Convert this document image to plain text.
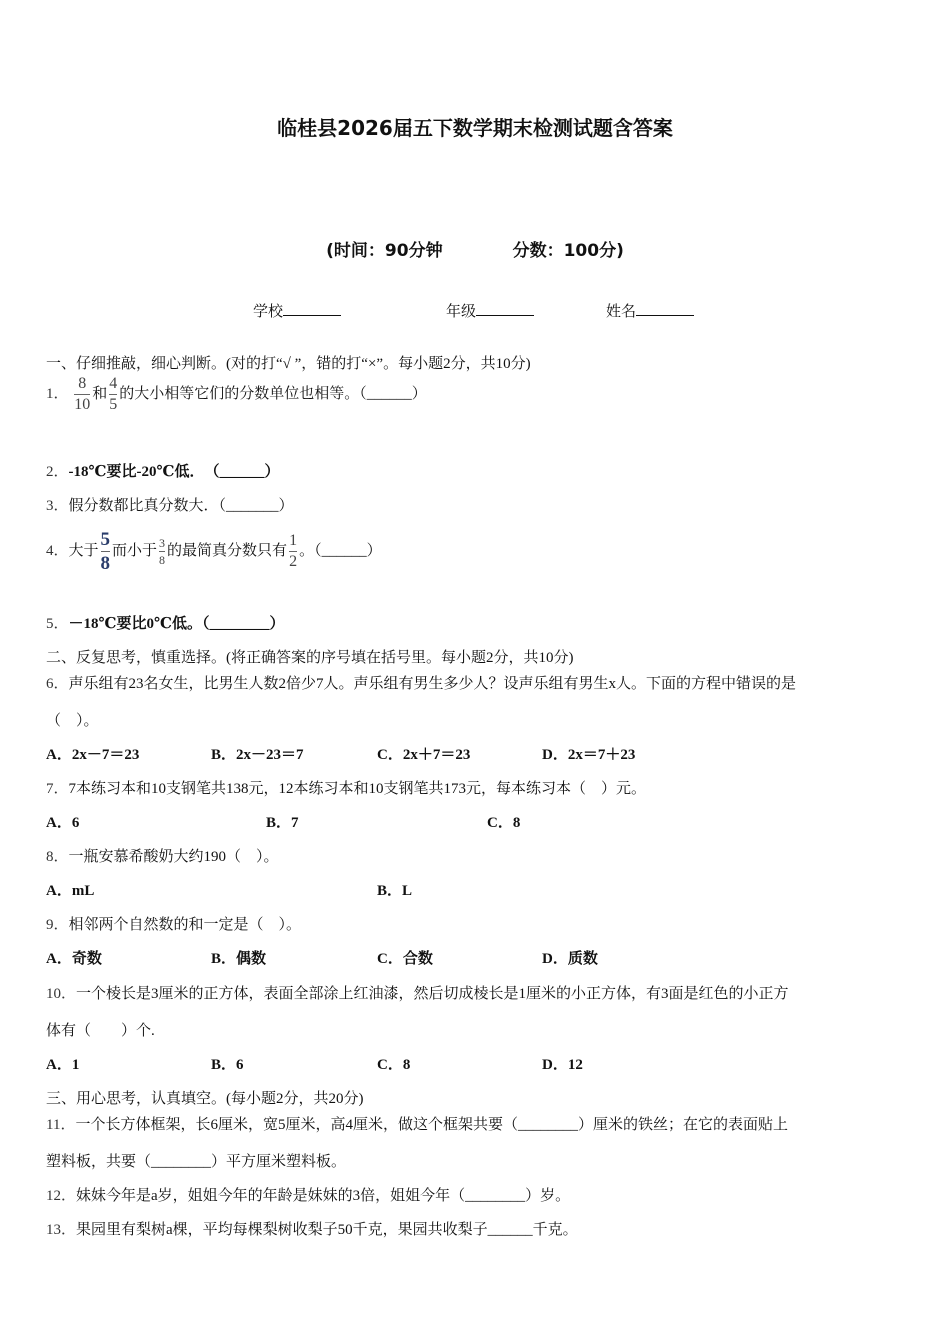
临桂县2026届五下数学期末检测试题含答案
(时间：90分钟	分数：100分)
学校	年级	姓名
一、仔细推敲，细心判断。(对的打“√ ”，错的打“×”。每小题2分，共10分)
1． $\frac{8}{10}$ 和 $\frac{4}{5}$ 的大小相等它们的分数单位也相等。（______）
2．-18℃要比-20℃低．　（______）
3．假分数都比真分数大．（_______）
4．大于 $\frac{5}{8}$ 而小于 $\frac{3}{8}$ 的最简真分数只有 $\frac{1}{2}$ 。（______）
5．－18℃要比0℃低。（________）
二、反复思考，慎重选择。(将正确答案的序号填在括号里。每小题2分，共10分)
6．声乐组有23名女生，比男生人数2倍少7人。声乐组有男生多少人？设声乐组有男生x人。下面的方程中错误的是
（　）。
A．2x－7＝23	B．2x－23＝7	C．2x＋7＝23	D．2x＝7＋23
7．7本练习本和10支钢笔共138元，12本练习本和10支钢笔共173元，每本练习本（　）元。
A．6	B．7	C．8
8．一瓶安慕希酸奶大约190（　）。
A．mL	B．L
9．相邻两个自然数的和一定是（　）。
A．奇数	B．偶数	C．合数	D．质数
10．一个棱长是3厘米的正方体，表面全部涂上红油漆，然后切成棱长是1厘米的小正方体，有3面是红色的小正方
体有（　　）个.
A．1	B．6	C．8	D．12
三、用心思考，认真填空。(每小题2分，共20分)
11．一个长方体框架，长6厘米，宽5厘米，高4厘米，做这个框架共要（________）厘米的铁丝；在它的表面贴上
塑料板，共要（________）平方厘米塑料板。
12．妹妹今年是a岁，姐姐今年的年龄是妹妹的3倍，姐姐今年（________）岁。
13．果园里有梨树a棵，平均每棵梨树收梨子50千克，果园共收梨子______千克。
